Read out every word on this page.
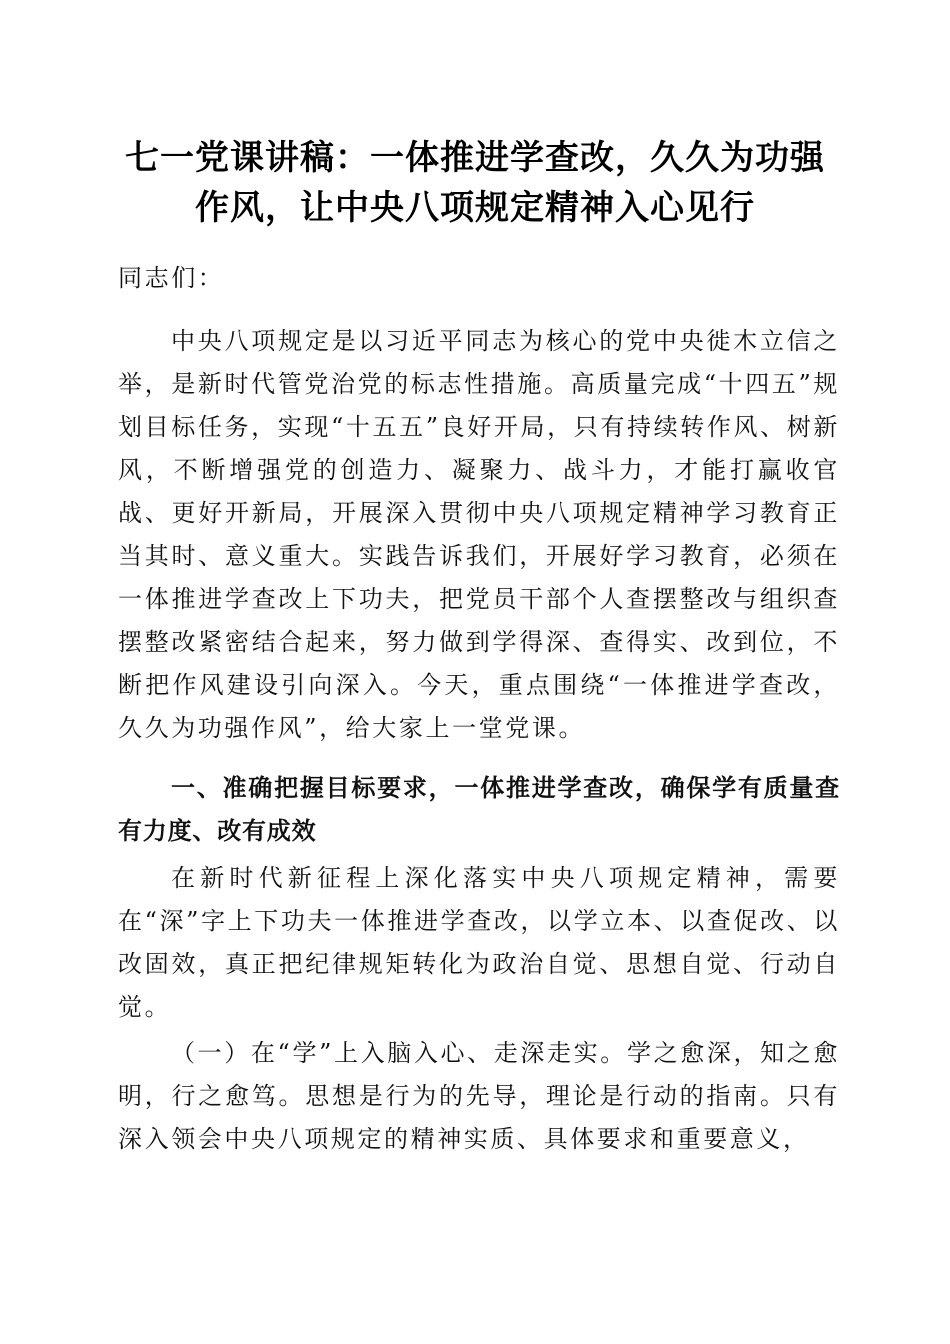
七一党课讲稿：一体推进学查改，久久为功强
作风，让中央八项规定精神入心见行

同志们：

中央八项规定是以习近平同志为核心的党中央徙木立信之举，是新时代管党治党的标志性措施。高质量完成“十四五”规划目标任务，实现“十五五”良好开局，只有持续转作风、树新风，不断增强党的创造力、凝聚力、战斗力，才能打赢收官战、更好开新局，开展深入贯彻中央八项规定精神学习教育正当其时、意义重大。实践告诉我们，开展好学习教育，必须在一体推进学查改上下功夫，把党员干部个人查摆整改与组织查摆整改紧密结合起来，努力做到学得深、查得实、改到位，不断把作风建设引向深入。今天，重点围绕“一体推进学查改，久久为功强作风”，给大家上一堂党课。

一、准确把握目标要求，一体推进学查改，确保学有质量查有力度、改有成效

在新时代新征程上深化落实中央八项规定精神，需要在“深”字上下功夫一体推进学查改，以学立本、以查促改、以改固效，真正把纪律规矩转化为政治自觉、思想自觉、行动自觉。

（一）在“学”上入脑入心、走深走实。学之愈深，知之愈明，行之愈笃。思想是行为的先导，理论是行动的指南。只有深入领会中央八项规定的精神实质、具体要求和重要意义，
